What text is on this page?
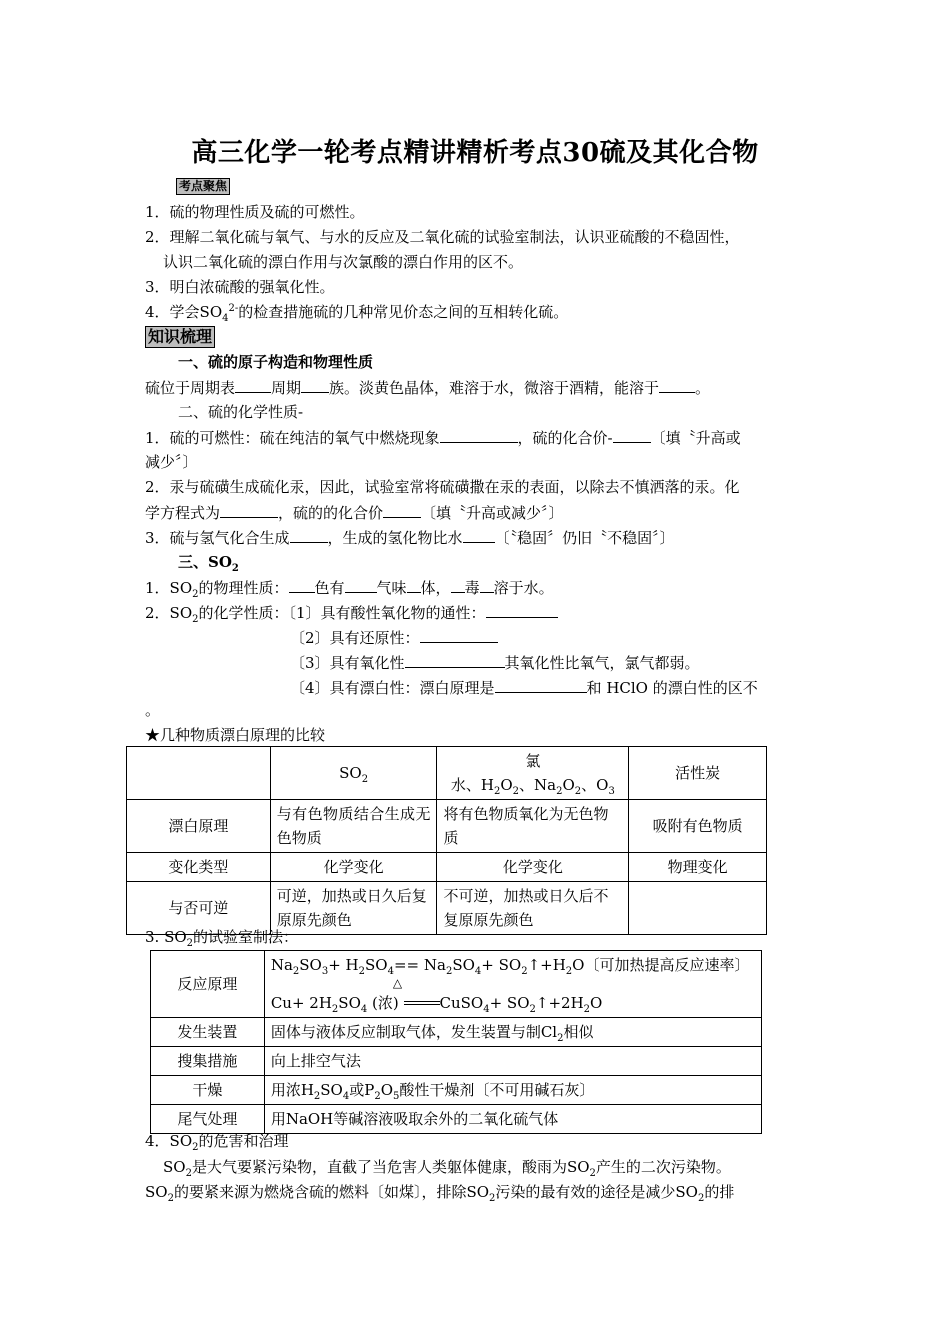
高三化学一轮考点精讲精析考点30硫及其化合物
考点聚焦
1．硫的物理性质及硫的可燃性。
2．理解二氧化硫与氧气、与水的反应及二氧化硫的试验室制法，认识亚硫酸的不稳固性，
认识二氧化硫的漂白作用与次氯酸的漂白作用的区不。
3．明白浓硫酸的强氧化性。
4．学会$SO_4^{2-}$的检查措施硫的几种常见价态之间的互相转化硫。
知识梳理
一、硫的原子构造和物理性质
硫位于周期表 周期 族。淡黄色晶体，难溶于水，微溶于酒精，能溶于 。
二、硫的化学性质-
1．硫的可燃性：硫在纯洁的氧气中燃烧现象	，硫的化合价-	〔填〝升高或
减少〞〕
2．汞与硫磺生成硫化汞，因此，试验室常将硫磺撒在汞的表面，以除去不慎洒落的汞。化
学方程式为	，硫的的化合价	〔填〝升高或减少〞〕
3．硫与氢气化合生成	，生成的氢化物比水 〔〝稳固〞仍旧〝不稳固〞〕
三、$SO_2$
1．$SO_2$的物理性质： 色有 气味 体， 毒 溶于水。
2．$SO_2$的化学性质：〔1〕具有酸性氧化物的通性：
〔2〕具有还原性：
〔3〕具有氧化性	其氧化性比氧气，氯气都弱。
〔4〕具有漂白性：漂白原理是	和 HClO 的漂白性的区不
。
★几种物质漂白原理的比较
	$SO_2$	氯
水、$H_2O_2$、$Na_2O_2$、$O_3$	活性炭
漂白原理	与有色物质结合生成无色物质	将有色物质氧化为无色物质	吸附有色物质
变化类型	化学变化	化学变化	物理变化
与否可逆	可逆，加热或日久后复原原先颜色	不可逆，加热或日久后不复原原先颜色	
3. $SO_2$的试验室制法：
反应原理	$Na_2SO_3+ H_2SO_4== Na_2SO_4+$ $SO_2↑+H_2O$〔可加热提高反应速率〕
$Cu+ 2H_2SO_4$ (浓)
△
CuSO$_4$+ $SO_2↑+2H_2O$

发生装置	固体与液体反应制取气体，发生装置与制$Cl_2$相似
搜集措施	向上排空气法
干燥	用浓$H_2SO_4$或$P_2O_5$酸性干燥剂〔不可用碱石灰〕
尾气处理	用NaOH等碱溶液吸取余外的二氧化硫气体
4．$SO_2$的危害和治理
$SO_2$是大气要紧污染物，直截了当危害人类躯体健康，酸雨为$SO_2$产生的二次污染物。
$SO_2$的要紧来源为燃烧含硫的燃料〔如煤〕，排除$SO_2$污染的最有效的途径是减少$SO_2$的排
